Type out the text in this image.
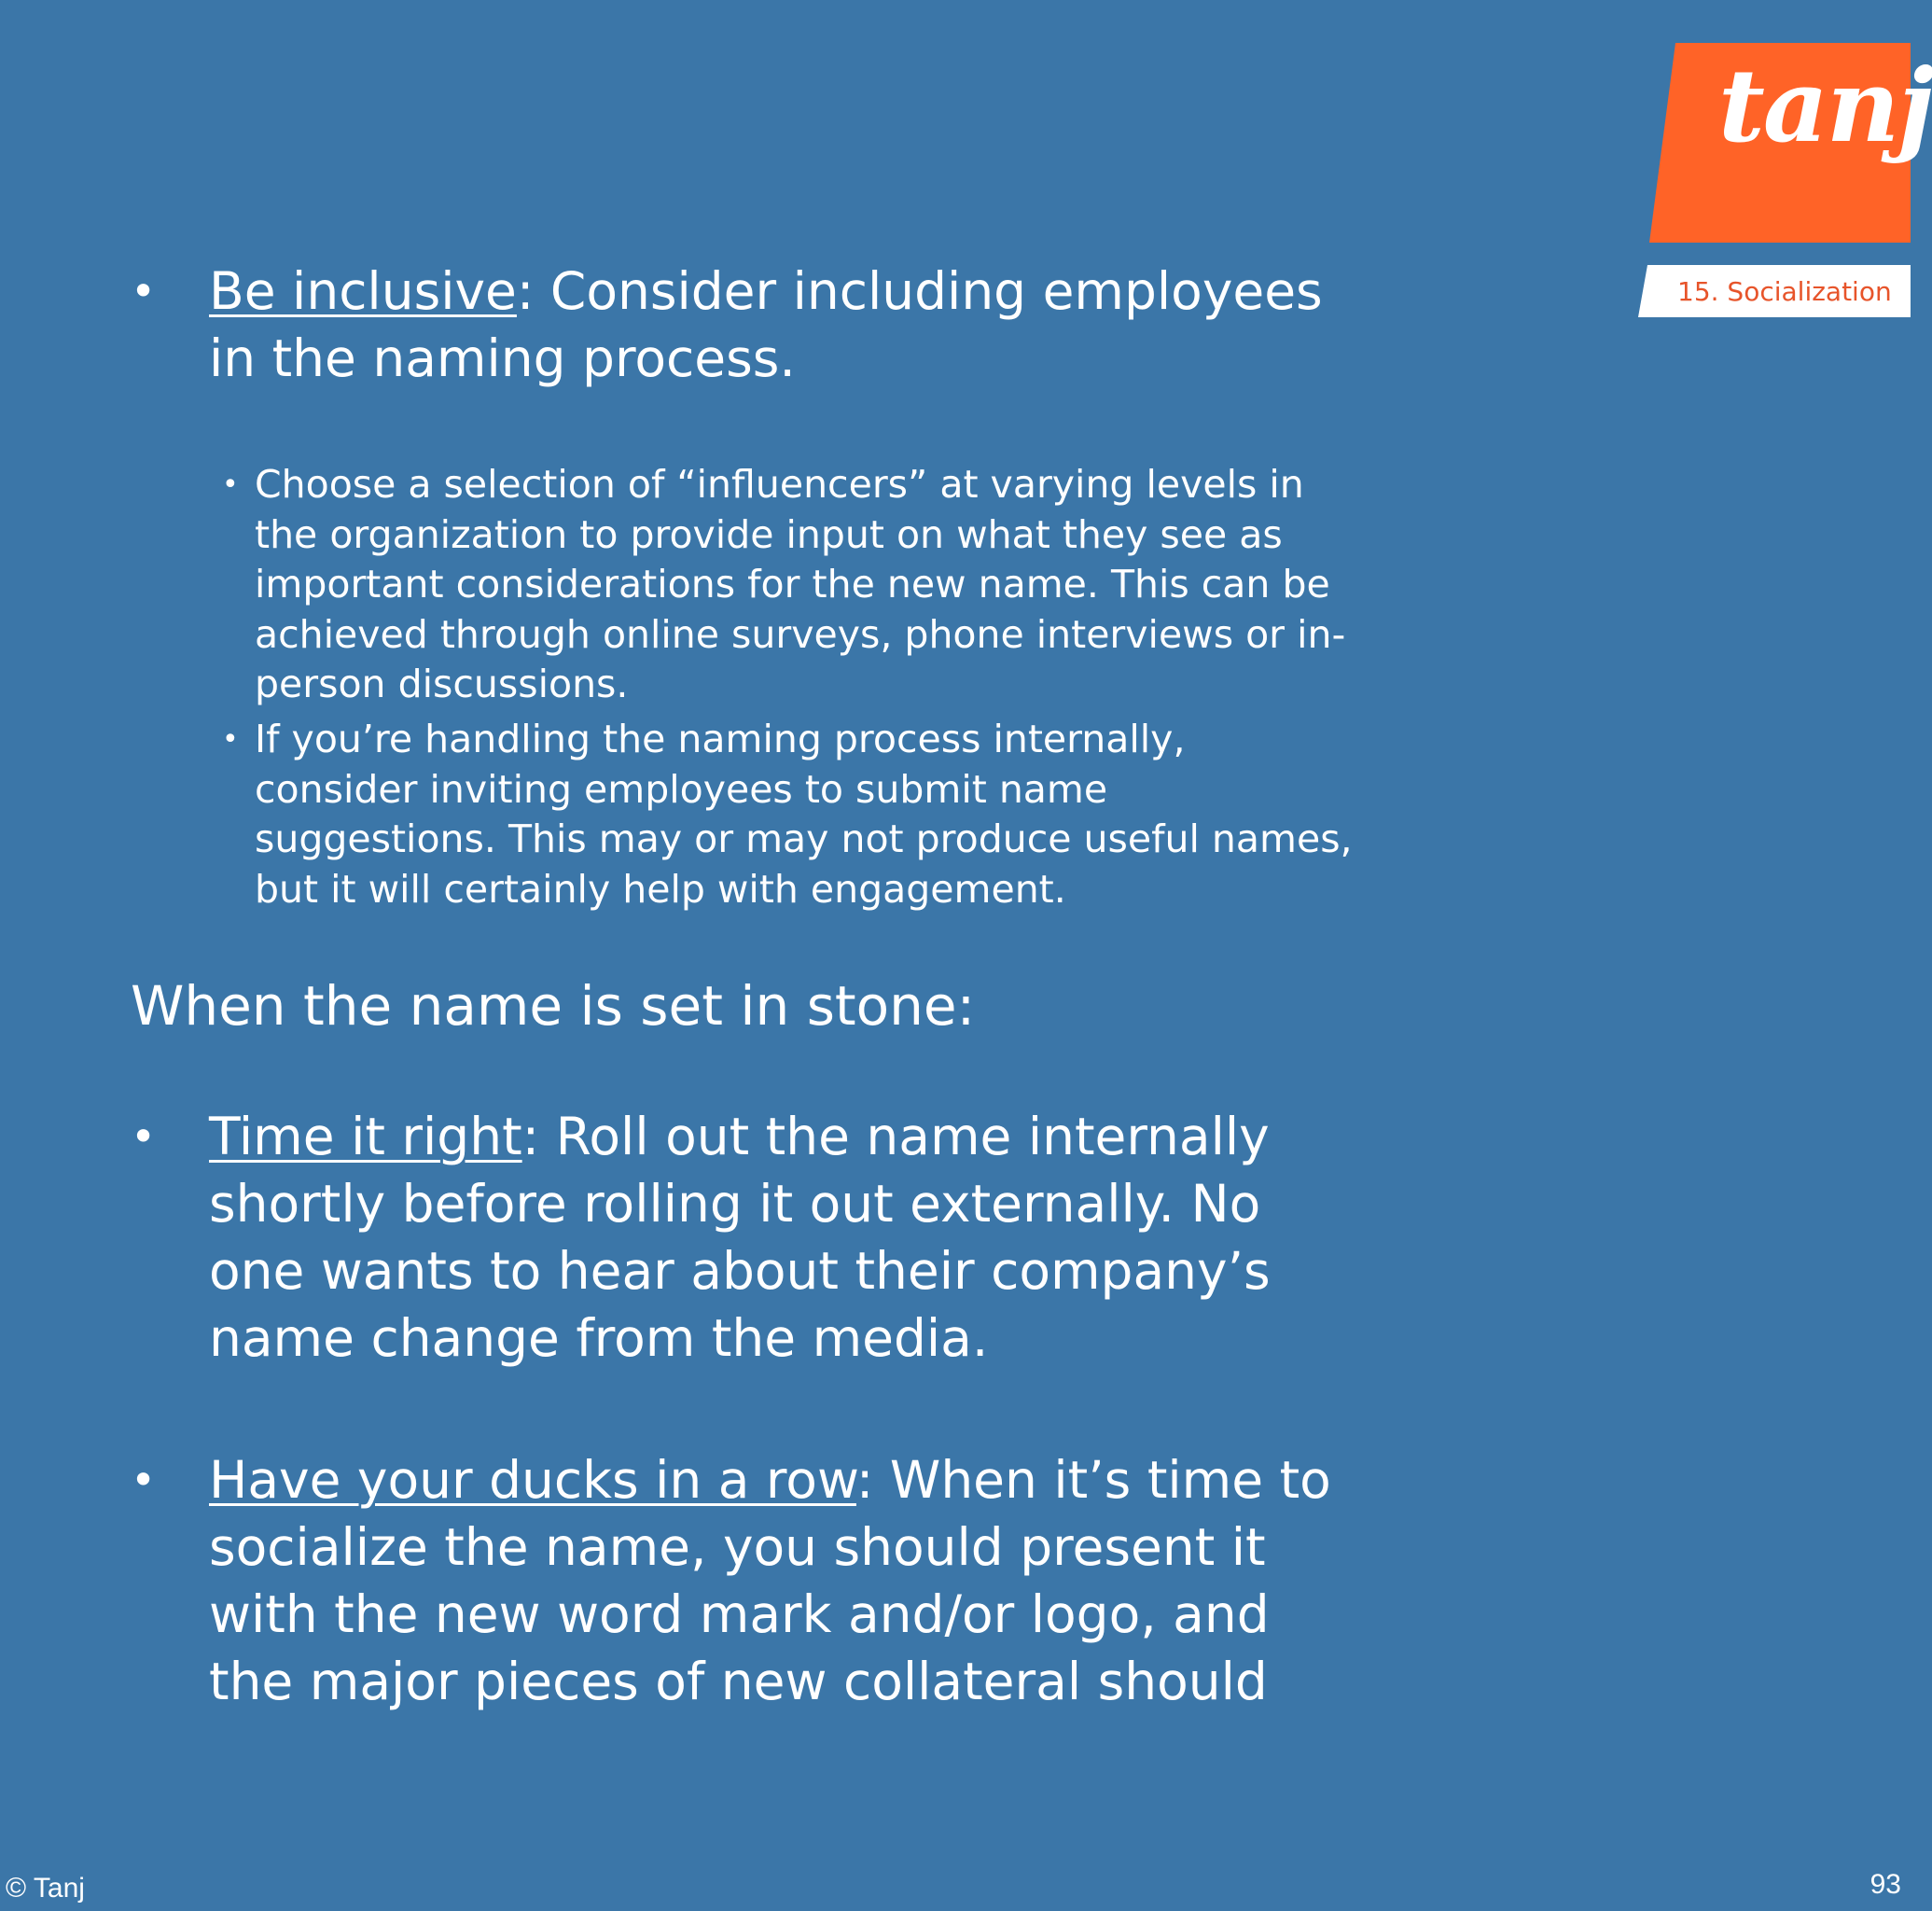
tanj
15. Socialization
• Be inclusive: Consider including employees in the naming process.
• Choose a selection of “influencers” at varying levels in the organization to provide input on what they see as important considerations for the new name. This can be achieved through online surveys, phone interviews or in-person discussions.
• If you’re handling the naming process internally, consider inviting employees to submit name suggestions. This may or may not produce useful names, but it will certainly help with engagement.
When the name is set in stone:
• Time it right: Roll out the name internally shortly before rolling it out externally. No one wants to hear about their company’s name change from the media.
• Have your ducks in a row: When it’s time to socialize the name, you should present it with the new word mark and/or logo, and the major pieces of new collateral should
© Tanj	93
